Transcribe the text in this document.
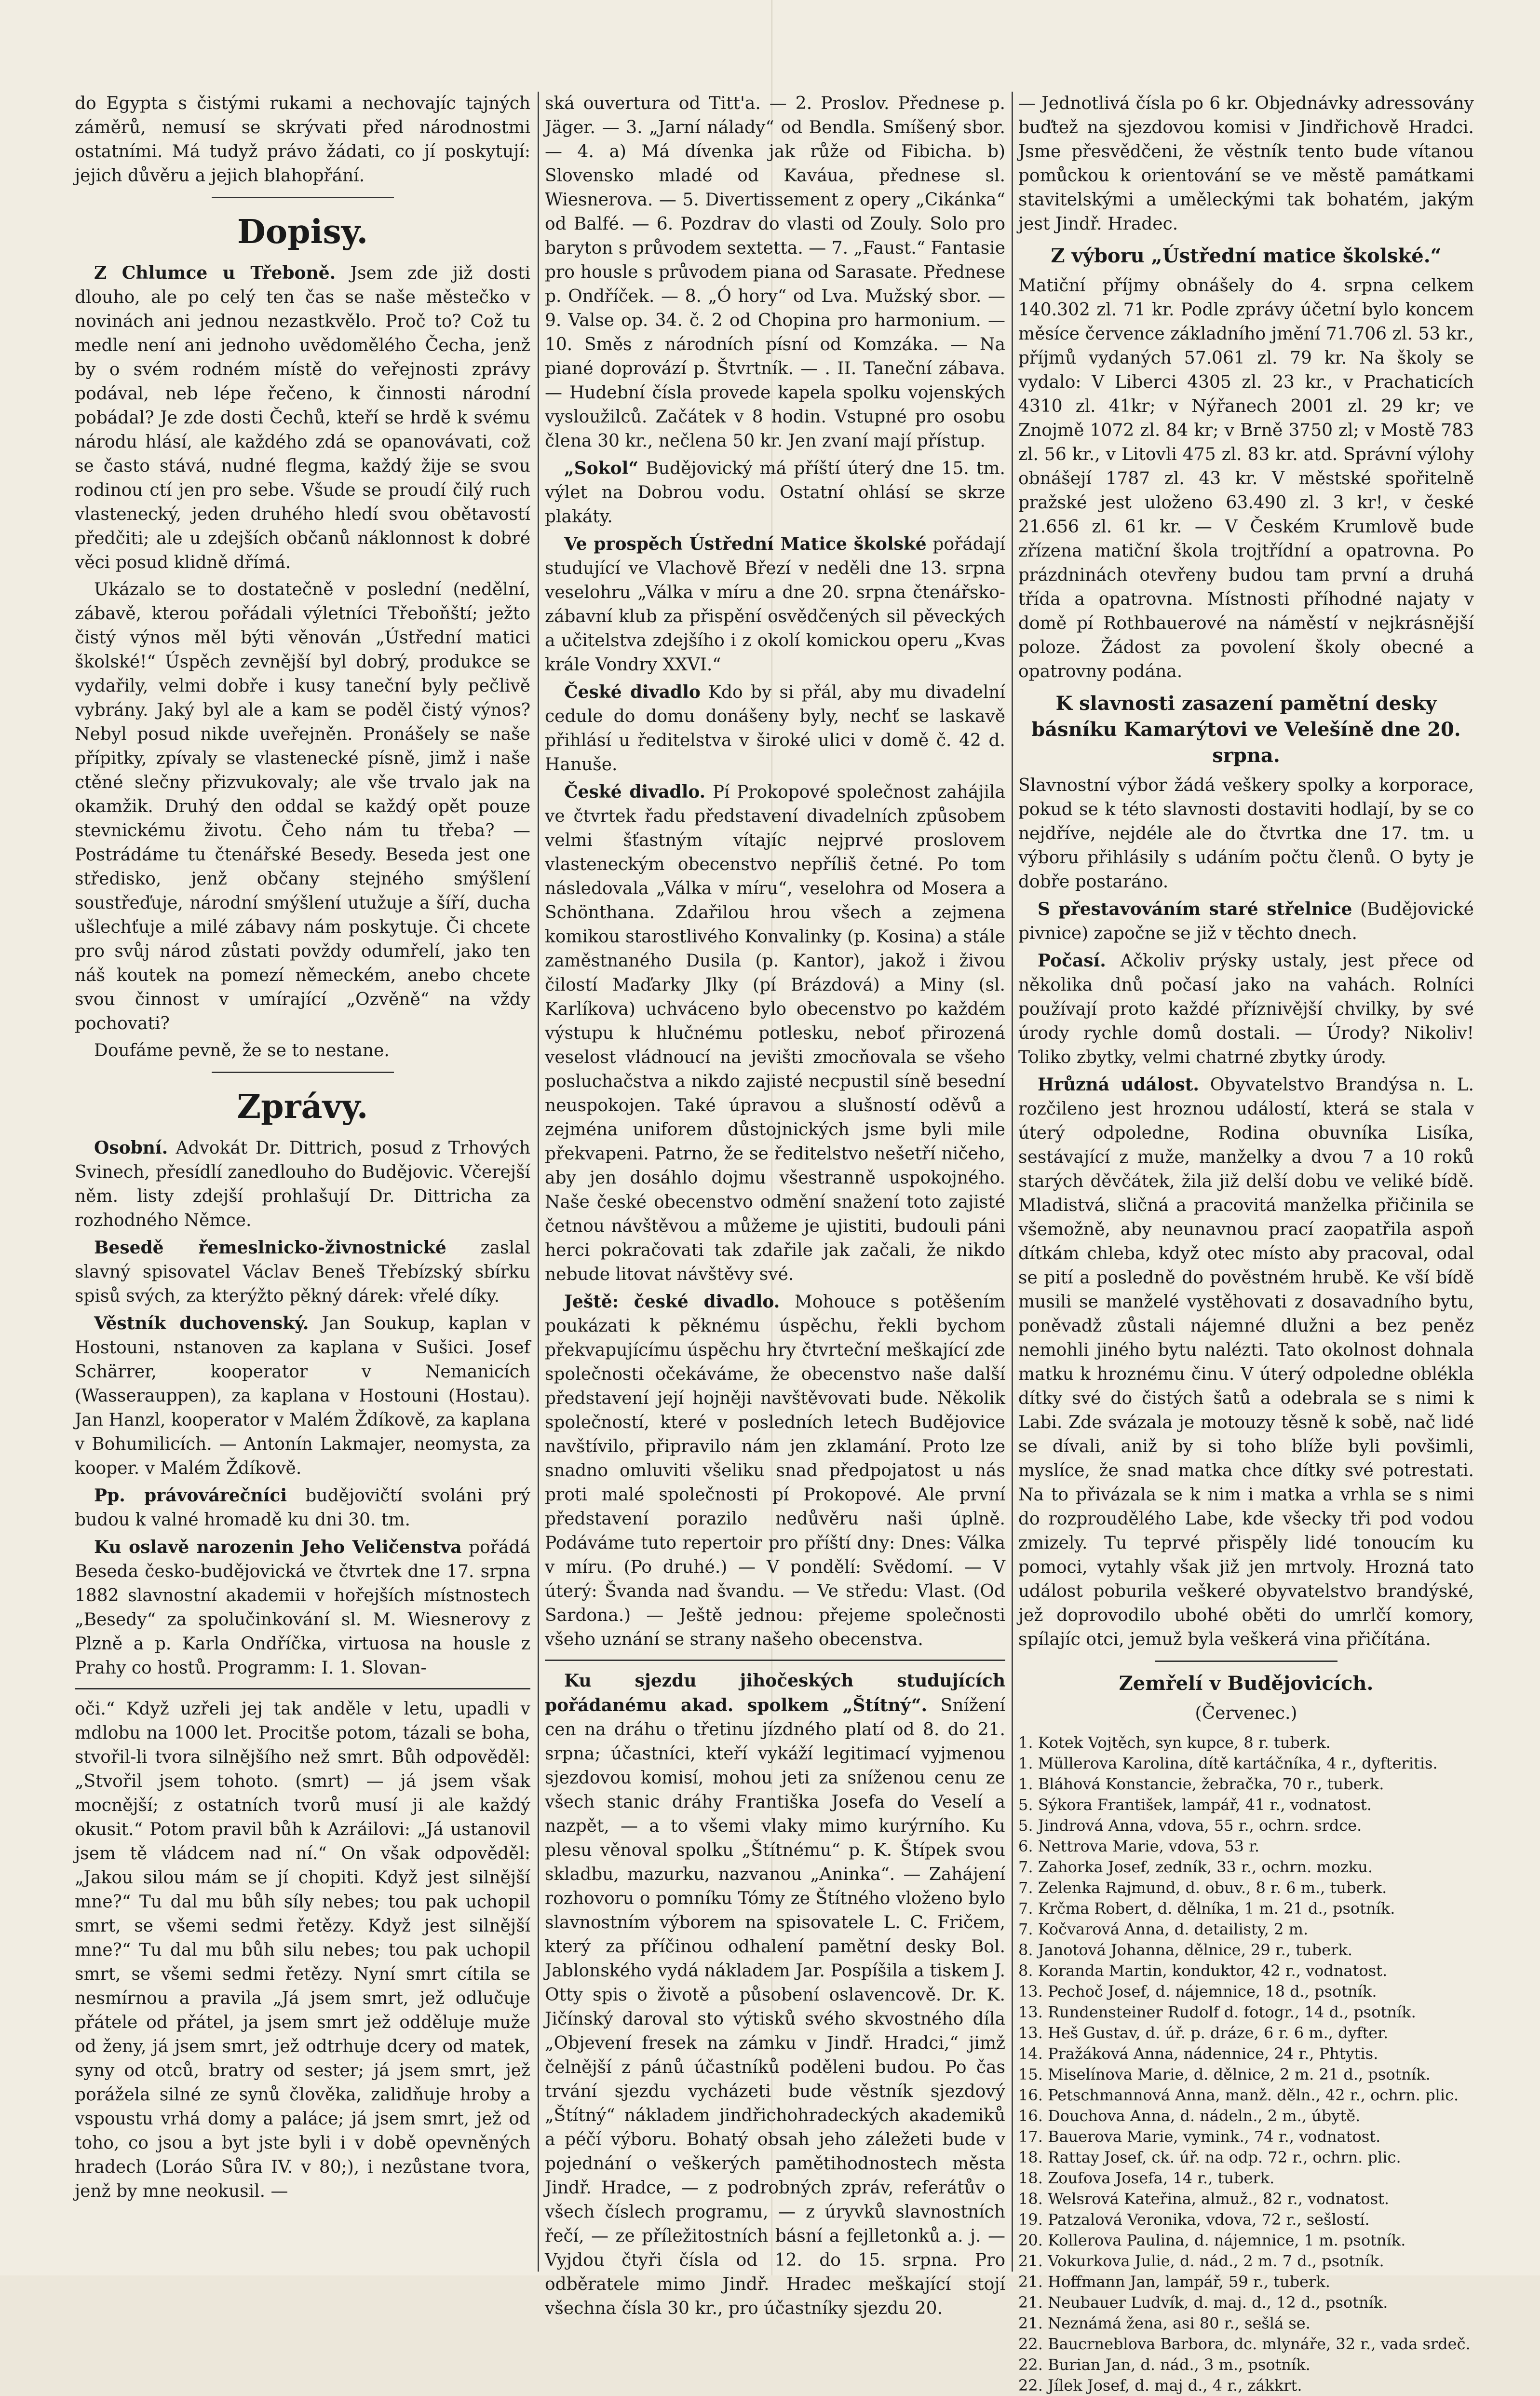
do Egypta s čistými rukami a nechovajíc tajných záměrů, nemusí se skrývati před národnostmi ostatními. Má tudyž právo žádati, co jí poskytují: jejich důvěru a jejich blahopřání.

Dopisy.

Z Chlumce u Třeboně. Jsem zde již dosti dlouho, ale po celý ten čas se naše městečko v novinách ani jednou nezastkvělo. Proč to? Což tu medle není ani jednoho uvědomělého Čecha, jenž by o svém rodném místě do veřejnosti zprávy podával, neb lépe řečeno, k činnosti národní pobádal? Je zde dosti Čechů, kteří se hrdě k svému národu hlásí, ale každého zdá se opanovávati, což se často stává, nudné flegma, každý žije se svou rodinou ctí jen pro sebe. Všude se proudí čilý ruch vlastenecký, jeden druhého hledí svou obětavostí předčiti; ale u zdejších občanů náklonnost k dobré věci posud klidně dřímá.

Ukázalo se to dostatečně v poslední (nedělní, zábavě, kterou pořádali výletníci Třeboňští; ježto čistý výnos měl býti věnován „Ústřední matici školské!“ Úspěch zevnější byl dobrý, produkce se vydařily, velmi dobře i kusy taneční byly pečlivě vybrány. Jaký byl ale a kam se poděl čistý výnos? Nebyl posud nikde uveřejněn. Pronášely se naše přípitky, zpívaly se vlastenecké písně, jimž i naše ctěné slečny přizvukovaly; ale vše trvalo jak na okamžik. Druhý den oddal se každý opět pouze stevnickému životu. Čeho nám tu třeba? — Postrádáme tu čtenářské Besedy. Beseda jest one středisko, jenž občany stejného smýšlení soustřeďuje, národní smýšlení utužuje a šíří, ducha ušlechťuje a milé zábavy nám poskytuje. Či chcete pro svůj národ zůstati povždy odumřelí, jako ten náš koutek na pomezí německém, anebo chcete svou činnost v umírající „Ozvěně“ na vždy pochovati?

Doufáme pevně, že se to nestane.

Zprávy.

Osobní. Advokát Dr. Dittrich, posud z Trhových Svinech, přesídlí zanedlouho do Budějovic. Včerejší něm. listy zdejší prohlašují Dr. Dittricha za rozhodného Němce.

Besedě řemeslnicko-živnostnické zaslal slavný spisovatel Václav Beneš Třebízský sbírku spisů svých, za kterýžto pěkný dárek: vřelé díky.

Věstník duchovenský. Jan Soukup, kaplan v Hostouni, nstanoven za kaplana v Sušici. Josef Schärrer, kooperator v Nemanicích (Wasserauppen), za kaplana v Hostouni (Hostau). Jan Hanzl, kooperator v Malém Ždíkově, za kaplana v Bohumilicích. — Antonín Lakmajer, neomysta, za kooper. v Malém Ždíkově.

Pp. právovárečníci budějovičtí svoláni prý budou k valné hromadě ku dni 30. tm.

Ku oslavě narozenin Jeho Veličenstva pořádá Beseda česko-budějovická ve čtvrtek dne 17. srpna 1882 slavnostní akademii v hořejších místnostech „Besedy“ za spolučinkování sl. M. Wiesnerovy z Plzně a p. Karla Ondříčka, virtuosa na housle z Prahy co hostů. Programm: I. 1. Slovan-

oči.“ Když uzřeli jej tak anděle v letu, upadli v mdlobu na 1000 let. Procitše potom, tázali se boha, stvořil-li tvora silnějšího než smrt. Bůh odpověděl: „Stvořil jsem tohoto. (smrt) — já jsem však mocnější; z ostatních tvorů musí ji ale každý okusit.“ Potom pravil bůh k Azráilovi: „Já ustanovil jsem tě vládcem nad ní.“ On však odpověděl: „Jakou silou mám se jí chopiti. Když jest silnější mne?“ Tu dal mu bůh síly nebes; tou pak uchopil smrt, se všemi sedmi řetězy. Když jest silnější mne?“ Tu dal mu bůh silu nebes; tou pak uchopil smrt, se všemi sedmi řetězy. Nyní smrt cítila se nesmírnou a pravila „Já jsem smrt, jež odlučuje přátele od přátel, ja jsem smrt jež odděluje muže od ženy, já jsem smrt, jež odtrhuje dcery od matek, syny od otců, bratry od sester; já jsem smrt, jež porážela silné ze synů člověka, zalidňuje hroby a vspoustu vrhá domy a paláce; já jsem smrt, jež od toho, co jsou a byt jste byli i v době opevněných hradech (Loráo Sůra IV. v 80;), i nezůstane tvora, jenž by mne neokusil. —

ská ouvertura od Titt'a. — 2. Proslov. Přednese p. Jäger. — 3. „Jarní nálady“ od Bendla. Smíšený sbor. — 4. a) Má dívenka jak růže od Fibicha. b) Slovensko mladé od Kaváua, přednese sl. Wiesnerova. — 5. Divertissement z opery „Cikánka“ od Balfé. — 6. Pozdrav do vlasti od Zouly. Solo pro baryton s průvodem sextetta. — 7. „Faust.“ Fantasie pro housle s průvodem piana od Sarasate. Přednese p. Ondříček. — 8. „Ó hory“ od Lva. Mužský sbor. — 9. Valse op. 34. č. 2 od Chopina pro harmonium. — 10. Směs z národních písní od Komzáka. — Na piané doprovází p. Štvrtník. — . II. Taneční zábava. — Hudební čísla provede kapela spolku vojenských vysloužilců. Začátek v 8 hodin. Vstupné pro osobu člena 30 kr., nečlena 50 kr. Jen zvaní mají přístup.

„Sokol“ Budějovický má příští úterý dne 15. tm. výlet na Dobrou vodu. Ostatní ohlásí se skrze plakáty.

Ve prospěch Ústřední Matice školské pořádají studující ve Vlachově Březí v neděli dne 13. srpna veselohru „Válka v míru a dne 20. srpna čtenářsko-zábavní klub za přispění osvědčených sil pěveckých a učitelstva zdejšího i z okolí komickou operu „Kvas krále Vondry XXVI.“

České divadlo Kdo by si přál, aby mu divadelní cedule do domu donášeny byly, nechť se laskavě přihlásí u ředitelstva v široké ulici v domě č. 42 d. Hanuše.

České divadlo. Pí Prokopové společnost zahájila ve čtvrtek řadu představení divadelních způsobem velmi šťastným vítajíc nejprvé proslovem vlasteneckým obecenstvo nepříliš četné. Po tom následovala „Válka v míru“, veselohra od Mosera a Schönthana. Zdařilou hrou všech a zejmena komikou starostlivého Konvalinky (p. Kosina) a stále zaměstnaného Dusila (p. Kantor), jakož i živou čilostí Maďarky Jlky (pí Brázdová) a Miny (sl. Karlíkova) uchváceno bylo obecenstvo po každém výstupu k hlučnému potlesku, neboť přirozená veselost vládnoucí na jevišti zmocňovala se všeho posluchačstva a nikdo zajisté necpustil síně besední neuspokojen. Také úpravou a slušností oděvů a zejména uniforem důstojnických jsme byli mile překvapeni. Patrno, že se ředitelstvo nešetří ničeho, aby jen dosáhlo dojmu všestranně uspokojného. Naše české obecenstvo odmění snažení toto zajisté četnou návštěvou a můžeme je ujistiti, budouli páni herci pokračovati tak zdařile jak začali, že nikdo nebude litovat návštěvy své.

Ještě: české divadlo. Mohouce s potěšením poukázati k pěknému úspěchu, řekli bychom překvapujícímu úspěchu hry čtvrteční meškající zde společnosti očekáváme, že obecenstvo naše další představení její hojněji navštěvovati bude. Několik společností, které v posledních letech Budějovice navštívilo, připravilo nám jen zklamání. Proto lze snadno omluviti všeliku snad předpojatost u nás proti malé společnosti pí Prokopové. Ale první představení porazilo nedůvěru naši úplně. Podáváme tuto repertoir pro příští dny: Dnes: Válka v míru. (Po druhé.) — V pondělí: Svědomí. — V úterý: Švanda nad švandu. — Ve středu: Vlast. (Od Sardona.) — Ještě jednou: přejeme společnosti všeho uznání se strany našeho obecenstva.

Ku sjezdu jihočeských studujících pořádanému akad. spolkem „Štítný“. Snížení cen na dráhu o třetinu jízdného platí od 8. do 21. srpna; účastníci, kteří vykáží legitimací vyjmenou sjezdovou komisí, mohou jeti za sníženou cenu ze všech stanic dráhy Františka Josefa do Veselí a nazpět, — a to všemi vlaky mimo kurýrního. Ku plesu věnoval spolku „Štítnému“ p. K. Štípek svou skladbu, mazurku, nazvanou „Aninka“. — Zahájení rozhovoru o pomníku Tómy ze Štítného vloženo bylo slavnostním výborem na spisovatele L. C. Fričem, který za příčinou odhalení pamětní desky Bol. Jablonského vydá nákladem Jar. Pospíšila a tiskem J. Otty spis o životě a působení oslavencově. Dr. K. Jičínský daroval sto výtisků svého skvostného díla „Objevení fresek na zámku v Jindř. Hradci,“ jimž čelnější z pánů účastníků poděleni budou. Po čas trvání sjezdu vycházeti bude věstník sjezdový „Štítný“ nákladem jindřichohradeckých akademiků a péčí výboru. Bohatý obsah jeho záležeti bude v pojednání o veškerých pamětihodnostech města Jindř. Hradce, — z podrobných zpráv, referátův o všech číslech programu, — z úryvků slavnostních řečí, — ze příležitostních básní a fejlletonků a. j. — Vyjdou čtyři čísla od 12. do 15. srpna. Pro odběratele mimo Jindř. Hradec meškající stojí všechna čísla 30 kr., pro účastníky sjezdu 20.

— Jednotlivá čísla po 6 kr. Objednávky adressovány buďtež na sjezdovou komisi v Jindřichově Hradci. Jsme přesvědčeni, že věstník tento bude vítanou pomůckou k orientování se ve městě památkami stavitelskými a uměleckými tak bohatém, jakým jest Jindř. Hradec.

Z výboru „Ústřední matice školské.“

Matiční příjmy obnášely do 4. srpna celkem 140.302 zl. 71 kr. Podle zprávy účetní bylo koncem měsíce července základního jmění 71.706 zl. 53 kr., příjmů vydaných 57.061 zl. 79 kr. Na školy se vydalo: V Liberci 4305 zl. 23 kr., v Prachaticích 4310 zl. 41kr; v Nýřanech 2001 zl. 29 kr; ve Znojmě 1072 zl. 84 kr; v Brně 3750 zl; v Mostě 783 zl. 56 kr., v Litovli 475 zl. 83 kr. atd. Správní výlohy obnášejí 1787 zl. 43 kr. V městské spořitelně pražské jest uloženo 63.490 zl. 3 kr!, v české 21.656 zl. 61 kr. — V Českém Krumlově bude zřízena matiční škola trojtřídní a opatrovna. Po prázdninách otevřeny budou tam první a druhá třída a opatrovna. Místnosti příhodné najaty v domě pí Rothbauerové na náměstí v nejkrásnější poloze. Žádost za povolení školy obecné a opatrovny podána.

K slavnosti zasazení pamětní desky básníku Kamarýtovi ve Velešíně dne 20. srpna.

Slavnostní výbor žádá veškery spolky a korporace, pokud se k této slavnosti dostaviti hodlají, by se co nejdříve, nejdéle ale do čtvrtka dne 17. tm. u výboru přihlásily s udáním počtu členů. O byty je dobře postaráno.

S přestavováním staré střelnice (Budějovické pivnice) započne se již v těchto dnech.

Počasí. Ačkoliv prýsky ustaly, jest přece od několika dnů počasí jako na vahách. Rolníci používají proto každé příznivější chvilky, by své úrody rychle domů dostali. — Úrody? Nikoliv! Toliko zbytky, velmi chatrné zbytky úrody.

Hrůzná událost. Obyvatelstvo Brandýsa n. L. rozčileno jest hroznou událostí, která se stala v úterý odpoledne, Rodina obuvníka Lisíka, sestávající z muže, manželky a dvou 7 a 10 roků starých děvčátek, žila již delší dobu ve veliké bídě. Mladistvá, sličná a pracovitá manželka přičinila se všemožně, aby neunavnou prací zaopatřila aspoň dítkám chleba, když otec místo aby pracoval, odal se pití a posledně do pověstném hrubě. Ke vší bídě musili se manželé vystěhovati z dosavadního bytu, poněvadž zůstali nájemné dlužni a bez peněz nemohli jiného bytu nalézti. Tato okolnost dohnala matku k hroznému činu. V úterý odpoledne oblékla dítky své do čistých šatů a odebrala se s nimi k Labi. Zde svázala je motouzy těsně k sobě, nač lidé se dívali, aniž by si toho blíže byli povšimli, myslíce, že snad matka chce dítky své potrestati. Na to přivázala se k nim i matka a vrhla se s nimi do rozproudělého Labe, kde všecky tři pod vodou zmizely. Tu teprvé přispěly lidé tonoucím ku pomoci, vytahly však již jen mrtvoly. Hrozná tato událost poburila veškeré obyvatelstvo brandýské, jež doprovodilo ubohé oběti do umrlčí komory, spílajíc otci, jemuž byla veškerá vina přičítána.

Zemřelí v Budějovicích.
(Červenec.)
1. Kotek Vojtěch, syn kupce, 8 r. tuberk.
1. Müllerova Karolina, dítě kartáčníka, 4 r., dyfteritis.
1. Bláhová Konstancie, žebračka, 70 r., tuberk.
5. Sýkora František, lampář, 41 r., vodnatost.
5. Jindrová Anna, vdova, 55 r., ochrn. srdce.
6. Nettrova Marie, vdova, 53 r.
7. Zahorka Josef, zedník, 33 r., ochrn. mozku.
7. Zelenka Rajmund, d. obuv., 8 r. 6 m., tuberk.
7. Krčma Robert, d. dělníka, 1 m. 21 d., psotník.
7. Kočvarová Anna, d. detailisty, 2 m.
8. Janotová Johanna, dělnice, 29 r., tuberk.
8. Koranda Martin, konduktor, 42 r., vodnatost.
13. Pechoč Josef, d. nájemnice, 18 d., psotník.
13. Rundensteiner Rudolf d. fotogr., 14 d., psotník.
13. Heš Gustav, d. úř. p. dráze, 6 r. 6 m., dyfter.
14. Pražáková Anna, nádennice, 24 r., Phtytis.
15. Miselínova Marie, d. dělnice, 2 m. 21 d., psotník.
16. Petschmannová Anna, manž. děln., 42 r., ochrn. plic.
16. Douchova Anna, d. nádeln., 2 m., úbytě.
17. Bauerova Marie, vymink., 74 r., vodnatost.
18. Rattay Josef, ck. úř. na odp. 72 r., ochrn. plic.
18. Zoufova Josefa, 14 r., tuberk.
18. Welsrová Kateřina, almuž., 82 r., vodnatost.
19. Patzalová Veronika, vdova, 72 r., sešlostí.
20. Kollerova Paulina, d. nájemnice, 1 m. psotník.
21. Vokurkova Julie, d. nád., 2 m. 7 d., psotník.
21. Hoffmann Jan, lampář, 59 r., tuberk.
21. Neubauer Ludvík, d. maj. d., 12 d., psotník.
21. Neznámá žena, asi 80 r., sešlá se.
22. Baucrneblova Barbora, dc. mlynáře, 32 r., vada srdeč.
22. Burian Jan, d. nád., 3 m., psotník.
22. Jílek Josef, d. maj d., 4 r., zákkrt.
